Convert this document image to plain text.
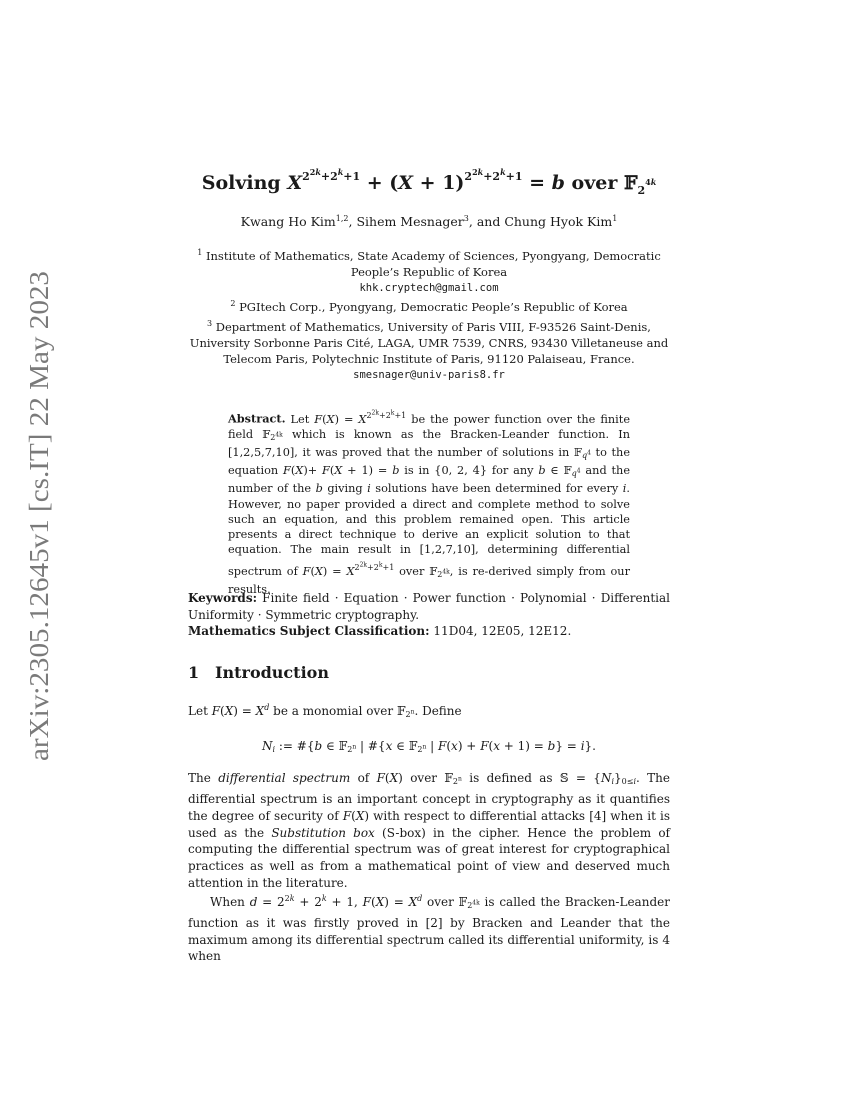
arXiv:2305.12645v1 [cs.IT] 22 May 2023
Solving $X^{2^{2k}+2^k+1} + (X + 1)^{2^{2k}+2^k+1} = b$ over 𝔽$_{2^{4k}}$
Kwang Ho Kim$^{1,2}$, Sihem Mesnager$^3$, and Chung Hyok Kim$^1$
$^1$ Institute of Mathematics, State Academy of Sciences, Pyongyang, Democratic People’s Republic of Korea
khk.cryptech@gmail.com
$^2$ PGItech Corp., Pyongyang, Democratic People’s Republic of Korea
$^3$ Department of Mathematics, University of Paris VIII, F-93526 Saint-Denis, University Sorbonne Paris Cité, LAGA, UMR 7539, CNRS, 93430 Villetaneuse and Telecom Paris, Polytechnic Institute of Paris, 91120 Palaiseau, France.
smesnager@univ-paris8.fr
Abstract. Let $F(X) = X^{2^{2k}+2^k+1}$ be the power function over the finite field 𝔽$_{2^{4k}}$ which is known as the Bracken-Leander function. In [1,2,5,7,10], it was proved that the number of solutions in 𝔽$_{q^4}$ to the equation F(X)+ F(X + 1) = b is in {0, 2, 4} for any b ∈ 𝔽$_{q^4}$ and the number of the b giving i solutions have been determined for every i. However, no paper provided a direct and complete method to solve such an equation, and this problem remained open. This article presents a direct technique to derive an explicit solution to that equation. The main result in [1,2,7,10], determining differential spectrum of $F(X) = X^{2^{2k}+2^k+1}$ over 𝔽$_{2^{4k}}$, is re-derived simply from our results.
Keywords: Finite field · Equation · Power function · Polynomial · Differential Uniformity · Symmetric cryptography.
Mathematics Subject Classification: 11D04, 12E05, 12E12.
1 Introduction

Let $F(X) = X^d$ be a monomial over 𝔽$_{2^n}$. Define

$N_i$ := #{b ∈ 𝔽$_{2^n}$ | #{x ∈ 𝔽$_{2^n}$ | F(x) + F(x + 1) = b} = i}.

The differential spectrum of F(X) over 𝔽$_{2^n}$ is defined as 𝕊 = $\{N_i\}_{0\le i}$. The differential spectrum is an important concept in cryptography as it quantifies the degree of security of F(X) with respect to differential attacks [4] when it is used as the Substitution box (S-box) in the cipher. Hence the problem of computing the differential spectrum was of great interest for cryptographical practices as well as from a mathematical point of view and deserved much attention in the literature.

When $d = 2^{2k} + 2^k + 1$, $F(X) = X^d$ over 𝔽$_{2^{4k}}$ is called the Bracken-Leander function as it was firstly proved in [2] by Bracken and Leander that the maximum among its differential spectrum called its differential uniformity, is 4 when
